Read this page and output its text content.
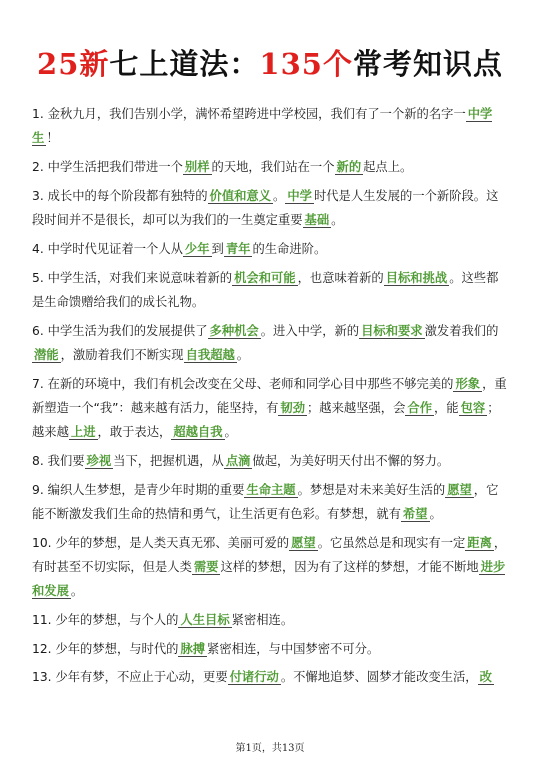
25新七上道法：135个常考知识点
1. 金秋九月，我们告别小学，满怀希望跨进中学校园，我们有了一个新的名字一 中学生 ！
2. 中学生活把我们带进一个 别样 的天地，我们站在一个 新的 起点上。
3. 成长中的每个阶段都有独特的 价值和意义 。 中学 时代是人生发展的一个新阶段。这段时间并不是很长，却可以为我们的一生奠定重要 基础 。
4. 中学时代见证着一个人从 少年 到 青年 的生命进阶。
5. 中学生活，对我们来说意味着新的 机会和可能 ，也意味着新的 目标和挑战 。这些都是生命馈赠给我们的成长礼物。
6. 中学生活为我们的发展提供了 多种机会 。进入中学，新的 目标和要求 激发着我们的潜能 ，激励着我们不断实现 自我超越 。
7. 在新的环境中，我们有机会改变在父母、老师和同学心目中那些不够完美的 形象 ，重新塑造一个“我”：越来越有活力，能坚持，有 韧劲 ；越来越坚强，会 合作 ，能 包容 ；越来越 上进 ，敢于表达， 超越自我 。
8. 我们要 珍视 当下，把握机遇，从 点滴 做起，为美好明天付出不懈的努力。
9. 编织人生梦想，是青少年时期的重要 生命主题 。梦想是对未来美好生活的 愿望 ，它能不断激发我们生命的热情和勇气，让生活更有色彩。有梦想，就有 希望 。
10. 少年的梦想，是人类天真无邪、美丽可爱的 愿望 。它虽然总是和现实有一定 距离 ，有时甚至不切实际，但是人类 需要 这样的梦想，因为有了这样的梦想，才能不断地 进步和发展 。
11. 少年的梦想，与个人的 人生目标 紧密相连。
12. 少年的梦想，与时代的 脉搏 紧密相连，与中国梦密不可分。
13. 少年有梦，不应止于心动，更要 付诸行动 。不懈地追梦、圆梦才能改变生活， 改
第1页，共13页
